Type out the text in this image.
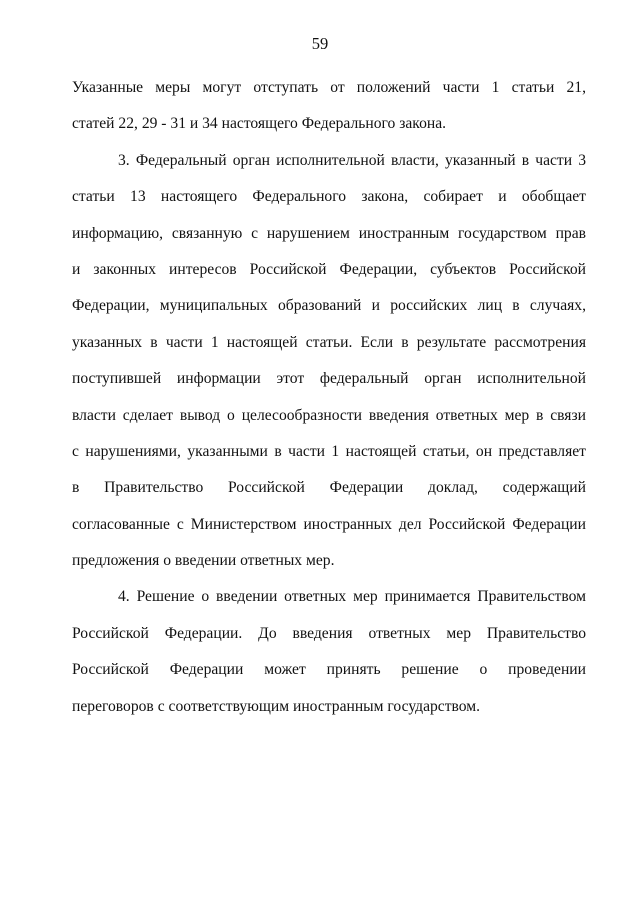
59
Указанные меры могут отступать от положений части 1 статьи 21,
статей 22, 29 - 31 и 34 настоящего Федерального закона.
3. Федеральный орган исполнительной власти, указанный в части 3
статьи 13 настоящего Федерального закона, собирает и обобщает
информацию, связанную с нарушением иностранным государством прав
и законных интересов Российской Федерации, субъектов Российской
Федерации, муниципальных образований и российских лиц в случаях,
указанных в части 1 настоящей статьи. Если в результате рассмотрения
поступившей информации этот федеральный орган исполнительной
власти сделает вывод о целесообразности введения ответных мер в связи
с нарушениями, указанными в части 1 настоящей статьи, он представляет
в Правительство Российской Федерации доклад, содержащий
согласованные с Министерством иностранных дел Российской Федерации
предложения о введении ответных мер.
4. Решение о введении ответных мер принимается Правительством
Российской Федерации. До введения ответных мер Правительство
Российской Федерации может принять решение о проведении
переговоров с соответствующим иностранным государством.
